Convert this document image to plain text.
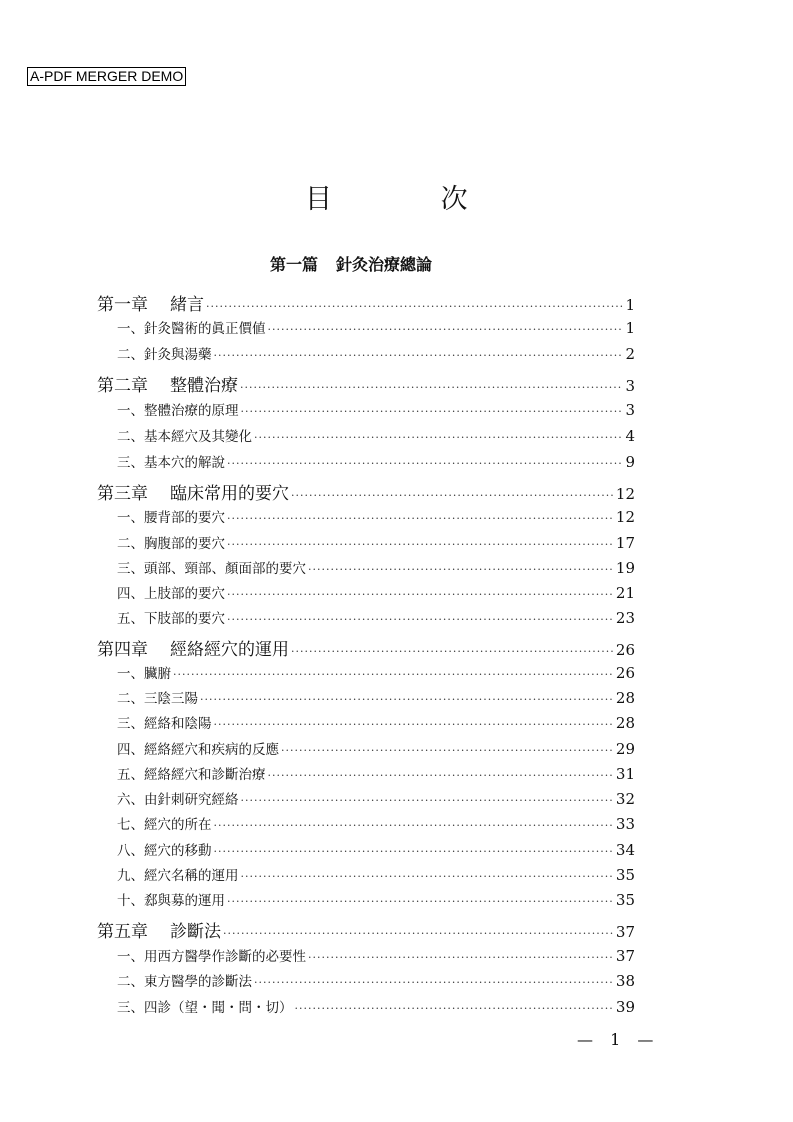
A-PDF MERGER DEMO
目 次
第一篇 針灸治療總論
第一章 緒言 ·····	1
一、 針灸醫術的眞正價値 ·····	1
二、 針灸與湯藥 ·····	2
第二章 整體治療 ·····	3
一、 整體治療的原理 ·····	3
二、 基本經穴及其變化 ·····	4
三、 基本穴的解說 ·····	9
第三章 臨床常用的要穴 ·····	12
一、 腰背部的要穴 ·····	12
二、 胸腹部的要穴 ·····	17
三、 頭部、頸部、顏面部的要穴 ·····	19
四、 上肢部的要穴 ·····	21
五、 下肢部的要穴 ·····	23
第四章 經絡經穴的運用 ·····	26
一、 臟腑 ·····	26
二、 三陰三陽 ·····	28
三、 經絡和陰陽 ·····	28
四、 經絡經穴和疾病的反應 ·····	29
五、 經絡經穴和診斷治療 ·····	31
六、 由針刺研究經絡 ·····	32
七、 經穴的所在 ·····	33
八、 經穴的移動 ·····	34
九、 經穴名稱的運用 ·····	35
十、 郄與募的運用 ·····	35
第五章 診斷法 ·····	37
一、 用西方醫學作診斷的必要性 ·····	37
二、 東方醫學的診斷法 ·····	38
三、 四診（望・聞・問・切） ·····	39
— 1 —
